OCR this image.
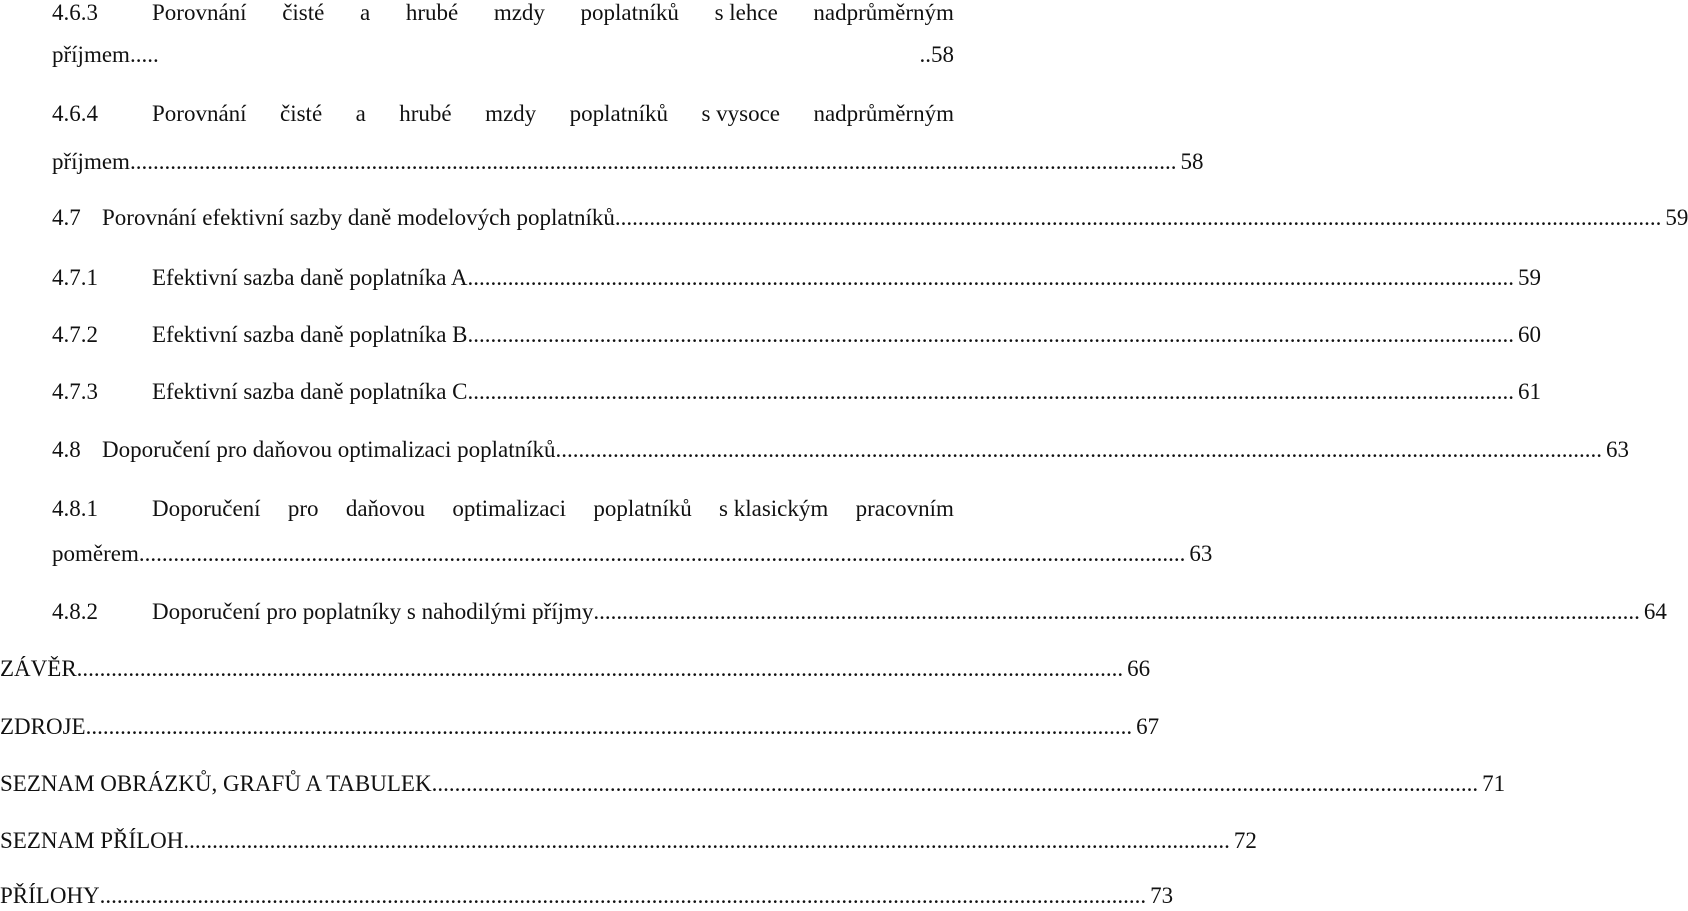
4.6.3 Porovnání čisté a hrubé mzdy poplatníků s lehce nadprůměrným
příjmem.....
	..58
4.6.4 Porovnání čisté a hrubé mzdy poplatníků s vysoce nadprůměrným
příjmem ...................................................................................................................................................................................... 58
4.7 Porovnání efektivní sazby daně modelových poplatníků ...................................................................................................................................................................................... 59
4.7.1 Efektivní sazba daně poplatníka A ...................................................................................................................................................................................... 59
4.7.2 Efektivní sazba daně poplatníka B ...................................................................................................................................................................................... 60
4.7.3 Efektivní sazba daně poplatníka C ...................................................................................................................................................................................... 61
4.8 Doporučení pro daňovou optimalizaci poplatníků ...................................................................................................................................................................................... 63
4.8.1 Doporučení pro daňovou optimalizaci poplatníků s klasickým pracovním
poměrem ...................................................................................................................................................................................... 63
4.8.2 Doporučení pro poplatníky s nahodilými příjmy ...................................................................................................................................................................................... 64
ZÁVĚR ...................................................................................................................................................................................... 66
ZDROJE ...................................................................................................................................................................................... 67
SEZNAM OBRÁZKŮ, GRAFŮ A TABULEK ...................................................................................................................................................................................... 71
SEZNAM PŘÍLOH ...................................................................................................................................................................................... 72
PŘÍLOHY ...................................................................................................................................................................................... 73
